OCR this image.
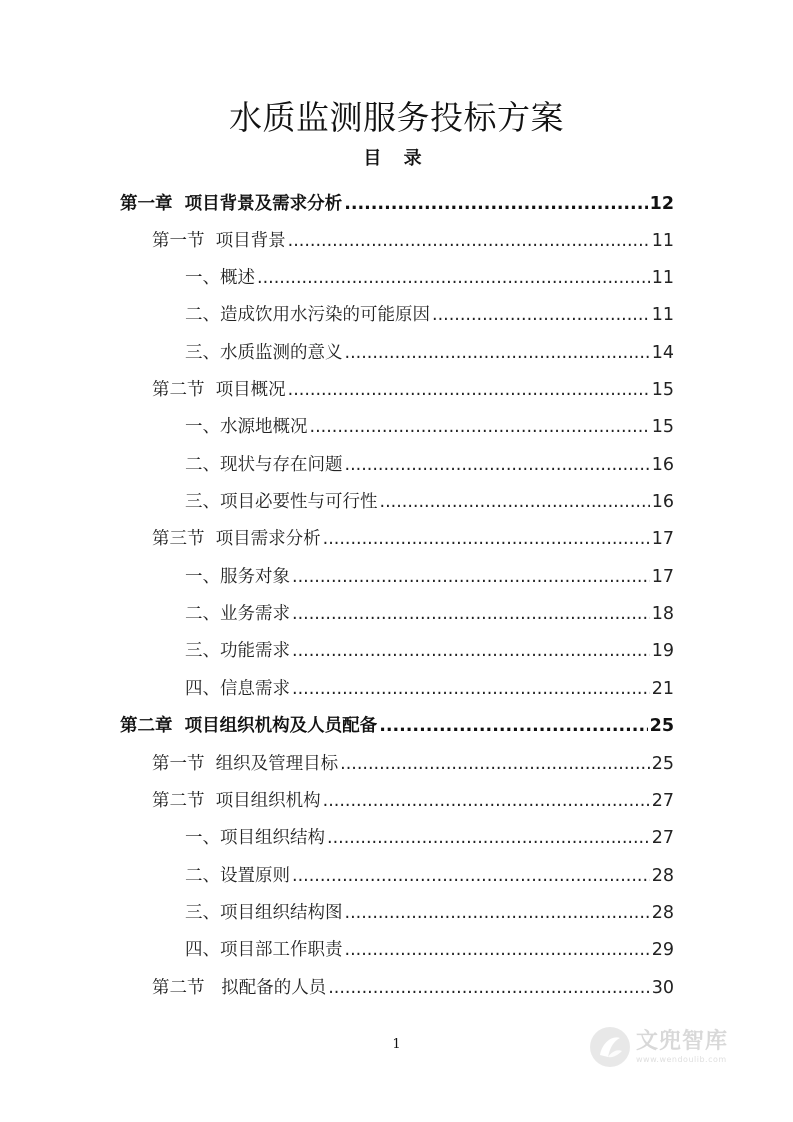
水质监测服务投标方案
目 录
第一章  项目背景及需求分析 .....	12
第一节  项目背景 .....	11
一、概述 .....	11
二、造成饮用水污染的可能原因 .....	11
三、水质监测的意义 .....	14
第二节  项目概况 .....	15
一、水源地概况 .....	15
二、现状与存在问题 .....	16
三、项目必要性与可行性 .....	16
第三节  项目需求分析 .....	17
一、服务对象 .....	17
二、业务需求 .....	18
三、功能需求 .....	19
四、信息需求 .....	21
第二章  项目组织机构及人员配备 .....	25
第一节  组织及管理目标 .....	25
第二节  项目组织机构 .....	27
一、项目组织结构 .....	27
二、设置原则 .....	28
三、项目组织结构图 .....	28
四、项目部工作职责 .....	29
第二节   拟配备的人员 .....	30
1	文兜智库
www.wendoulib.com
